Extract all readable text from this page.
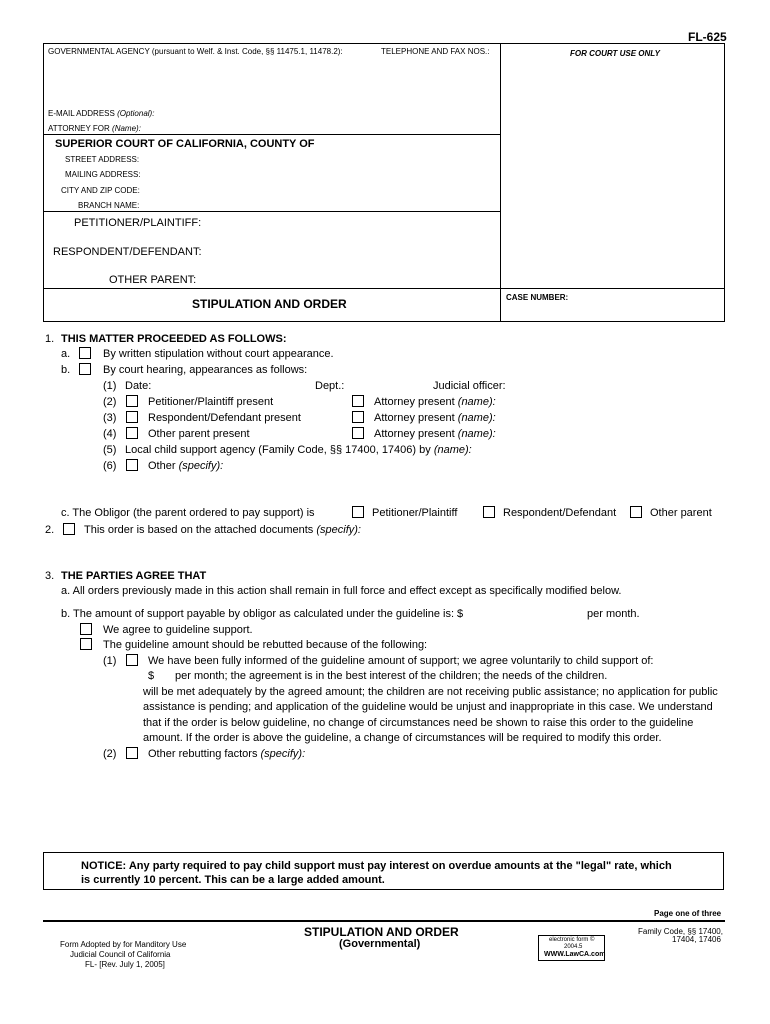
FL-625
GOVERNMENTAL AGENCY (pursuant to Welf. & Inst. Code, §§ 11475.1, 11478.2):	TELEPHONE AND FAX NOS.:	FOR COURT USE ONLY
E-MAIL ADDRESS (Optional):
ATTORNEY FOR (Name):
SUPERIOR COURT OF CALIFORNIA, COUNTY OF
STREET ADDRESS:
MAILING ADDRESS:
CITY AND ZIP CODE:
BRANCH NAME:
PETITIONER/PLAINTIFF:
RESPONDENT/DEFENDANT:
OTHER PARENT:
STIPULATION AND ORDER	CASE NUMBER:
1. THIS MATTER PROCEEDED AS FOLLOWS:
a.	By written stipulation without court appearance.
b.	By court hearing, appearances as follows:
(1) Date:	Dept.:	Judicial officer:
(2)	Petitioner/Plaintiff present	Attorney present (name):
(3)	Respondent/Defendant present	Attorney present (name):
(4)	Other parent present	Attorney present (name):
(5) Local child support agency (Family Code, §§ 17400, 17406) by (name):
(6)	Other (specify):
c. The Obligor (the parent ordered to pay support) is	Petitioner/Plaintiff	Respondent/Defendant	Other parent
2.	This order is based on the attached documents (specify):
3. THE PARTIES AGREE THAT
a. All orders previously made in this action shall remain in full force and effect except as specifically modified below.
b. The amount of support payable by obligor as calculated under the guideline is: $	per month.
We agree to guideline support.
The guideline amount should be rebutted because of the following:
(1)	We have been fully informed of the guideline amount of support; we agree voluntarily to child support of:
$ per month; the agreement is in the best interest of the children; the needs of the children.
will be met adequately by the agreed amount; the children are not receiving public assistance; no application for public
assistance is pending; and application of the guideline would be unjust and inappropriate in this case. We understand
that if the order is below guideline, no change of circumstances need be shown to raise this order to the guideline
amount. If the order is above the guideline, a change of circumstances will be required to modify this order.
(2)	Other rebutting factors (specify):
NOTICE: Any party required to pay child support must pay interest on overdue amounts at the "legal" rate, which
is currently 10 percent. This can be a large added amount.
Page one of three
Form Adopted by for Manditory Use
Judicial Council of California
FL- [Rev. July 1, 2005]
STIPULATION AND ORDER
(Governmental)	electronic form ©
2004.5
WWW.LawCA.com
Family Code, §§ 17400,
17404, 17406
